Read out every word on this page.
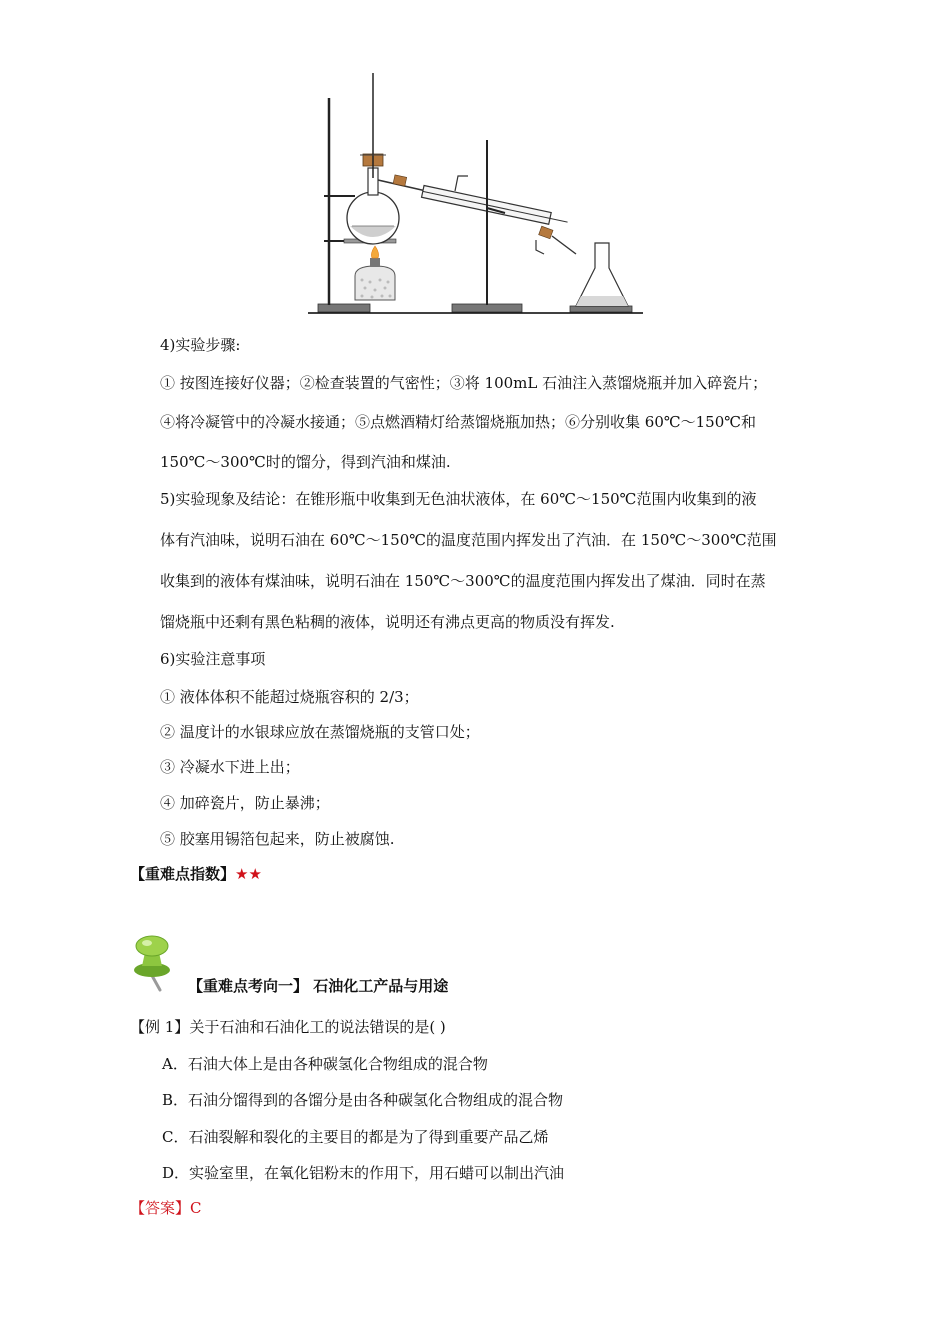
4)实验步骤:
① 按图连接好仪器；②检查装置的气密性；③将 100mL 石油注入蒸馏烧瓶并加入碎瓷片；
④将冷凝管中的冷凝水接通；⑤点燃酒精灯给蒸馏烧瓶加热；⑥分别收集 60℃～150℃和
150℃～300℃时的馏分，得到汽油和煤油.
5)实验现象及结论：在锥形瓶中收集到无色油状液体，在 60℃～150℃范围内收集到的液
体有汽油味，说明石油在 60℃～150℃的温度范围内挥发出了汽油．在 150℃～300℃范围
收集到的液体有煤油味，说明石油在 150℃～300℃的温度范围内挥发出了煤油．同时在蒸
馏烧瓶中还剩有黑色粘稠的液体，说明还有沸点更高的物质没有挥发.
6)实验注意事项
① 液体体积不能超过烧瓶容积的 2/3；
② 温度计的水银球应放在蒸馏烧瓶的支管口处；
③ 冷凝水下进上出；
④ 加碎瓷片，防止暴沸；
⑤ 胶塞用锡箔包起来，防止被腐蚀.
【重难点指数】★★
【重难点考向一】 石油化工产品与用途
【例 1】关于石油和石油化工的说法错误的是( )
A．石油大体上是由各种碳氢化合物组成的混合物
B．石油分馏得到的各馏分是由各种碳氢化合物组成的混合物
C．石油裂解和裂化的主要目的都是为了得到重要产品乙烯
D．实验室里，在氧化铝粉末的作用下，用石蜡可以制出汽油
【答案】C
